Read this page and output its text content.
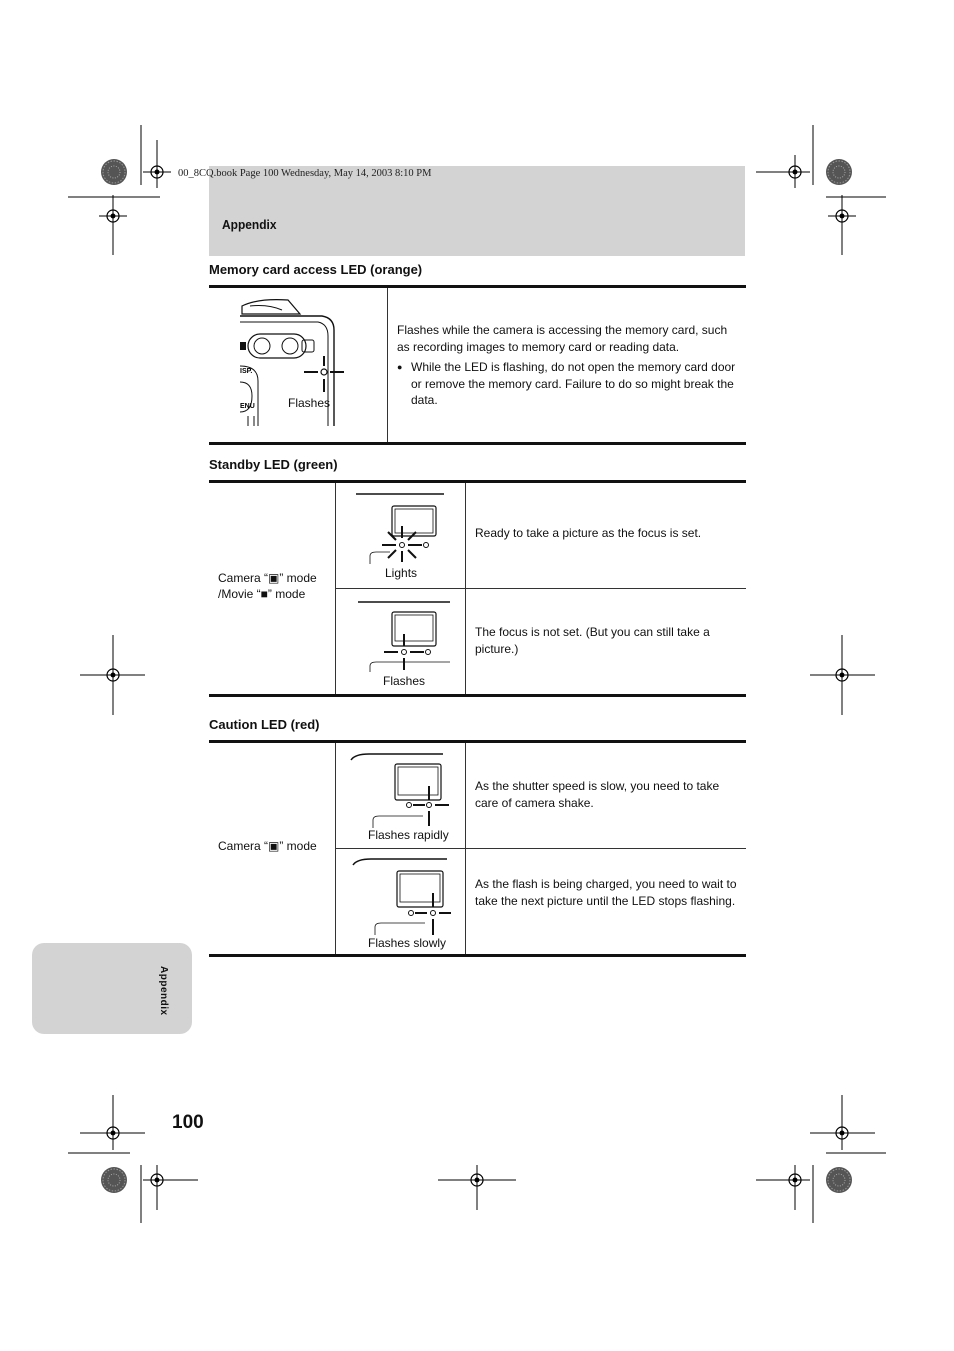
00_8CQ.book Page 100 Wednesday, May 14, 2003 8:10 PM
Appendix
Memory card access LED (orange)
ISP.
ENU	Flashes
Flashes while the camera is accessing the memory card, such as recording images to memory card or reading data.
● While the LED is flashing, do not open the memory card door or remove the memory card. Failure to do so might break the data.
Standby LED (green)
Camera “▣” mode
/Movie “■” mode
Lights
Ready to take a picture as the focus is set.
Flashes
The focus is not set. (But you can still take a picture.)
Caution LED (red)
Camera “▣” mode
Flashes rapidly
As the shutter speed is slow, you need to take care of camera shake.
Flashes slowly
As the flash is being charged, you need to wait to take the next picture until the LED stops flashing.
Appendix
100
